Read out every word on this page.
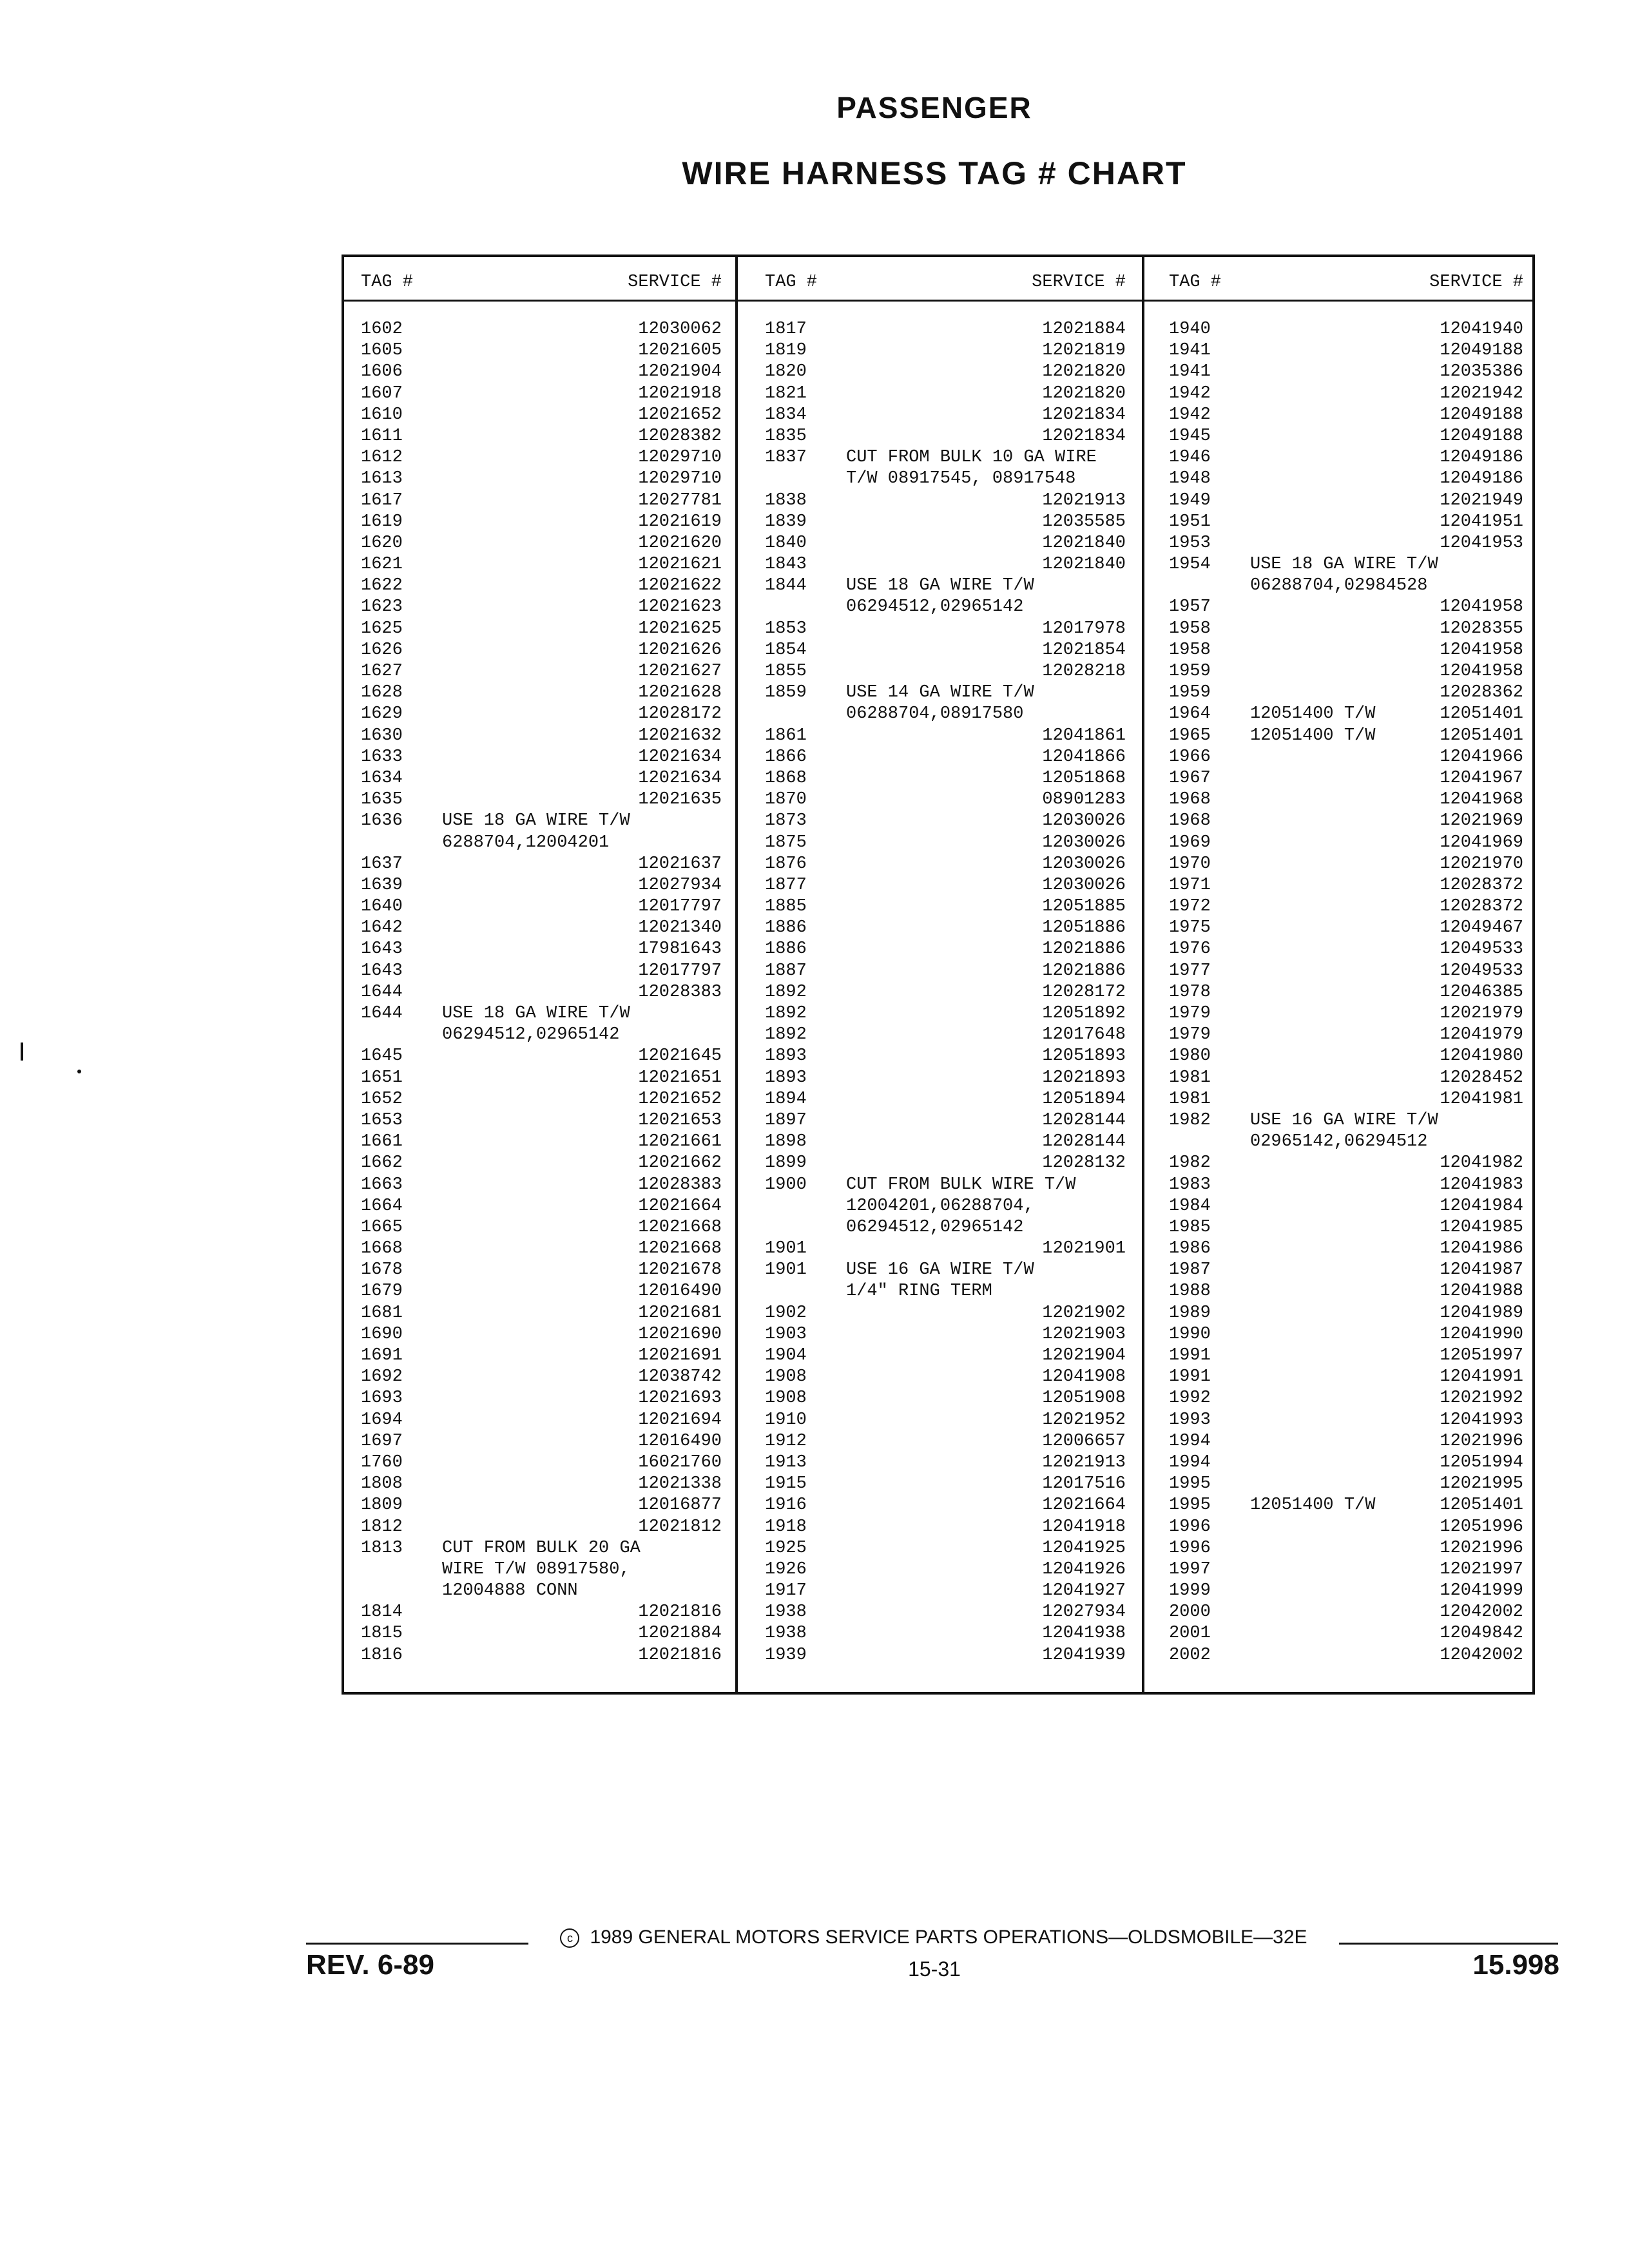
PASSENGER
WIRE HARNESS TAG # CHART
TAG #	SERVICE #
1602	12030062
1605	12021605
1606	12021904
1607	12021918
1610	12021652
1611	12028382
1612	12029710
1613	12029710
1617	12027781
1619	12021619
1620	12021620
1621	12021621
1622	12021622
1623	12021623
1625	12021625
1626	12021626
1627	12021627
1628	12021628
1629	12028172
1630	12021632
1633	12021634
1634	12021634
1635	12021635
1636 USE 18 GA WIRE T/W
6288704,12004201
1637	12021637
1639	12027934
1640	12017797
1642	12021340
1643	17981643
1643	12017797
1644	12028383
1644 USE 18 GA WIRE T/W
06294512,02965142
1645	12021645
1651	12021651
1652	12021652
1653	12021653
1661	12021661
1662	12021662
1663	12028383
1664	12021664
1665	12021668
1668	12021668
1678	12021678
1679	12016490
1681	12021681
1690	12021690
1691	12021691
1692	12038742
1693	12021693
1694	12021694
1697	12016490
1760	16021760
1808	12021338
1809	12016877
1812	12021812
1813 CUT FROM BULK 20 GA
WIRE T/W 08917580,
12004888 CONN
1814	12021816
1815	12021884
1816	12021816
TAG #	SERVICE #
1817	12021884
1819	12021819
1820	12021820
1821	12021820
1834	12021834
1835	12021834
1837 CUT FROM BULK 10 GA WIRE
T/W 08917545, 08917548
1838	12021913
1839	12035585
1840	12021840
1843	12021840
1844 USE 18 GA WIRE T/W
06294512,02965142
1853	12017978
1854	12021854
1855	12028218
1859 USE 14 GA WIRE T/W
06288704,08917580
1861	12041861
1866	12041866
1868	12051868
1870	08901283
1873	12030026
1875	12030026
1876	12030026
1877	12030026
1885	12051885
1886	12051886
1886	12021886
1887	12021886
1892	12028172
1892	12051892
1892	12017648
1893	12051893
1893	12021893
1894	12051894
1897	12028144
1898	12028144
1899	12028132
1900 CUT FROM BULK WIRE T/W
12004201,06288704,
06294512,02965142
1901	12021901
1901 USE 16 GA WIRE T/W
1/4" RING TERM
1902	12021902
1903	12021903
1904	12021904
1908	12041908
1908	12051908
1910	12021952
1912	12006657
1913	12021913
1915	12017516
1916	12021664
1918	12041918
1925	12041925
1926	12041926
1917	12041927
1938	12027934
1938	12041938
1939	12041939
TAG #	SERVICE #
1940	12041940
1941	12049188
1941	12035386
1942	12021942
1942	12049188
1945	12049188
1946	12049186
1948	12049186
1949	12021949
1951	12041951
1953	12041953
1954 USE 18 GA WIRE T/W
06288704,02984528
1957	12041958
1958	12028355
1958	12041958
1959	12041958
1959	12028362
1964 12051400 T/W	12051401
1965 12051400 T/W	12051401
1966	12041966
1967	12041967
1968	12041968
1968	12021969
1969	12041969
1970	12021970
1971	12028372
1972	12028372
1975	12049467
1976	12049533
1977	12049533
1978	12046385
1979	12021979
1979	12041979
1980	12041980
1981	12028452
1981	12041981
1982 USE 16 GA WIRE T/W
02965142,06294512
1982	12041982
1983	12041983
1984	12041984
1985	12041985
1986	12041986
1987	12041987
1988	12041988
1989	12041989
1990	12041990
1991	12051997
1991	12041991
1992	12021992
1993	12041993
1994	12021996
1994	12051994
1995	12021995
1995 12051400 T/W	12051401
1996	12051996
1996	12021996
1997	12021997
1999	12041999
2000	12042002
2001	12049842
2002	12042002
c 1989 GENERAL MOTORS SERVICE PARTS OPERATIONS—OLDSMOBILE—32E
REV. 6-89	15-31	15.998
